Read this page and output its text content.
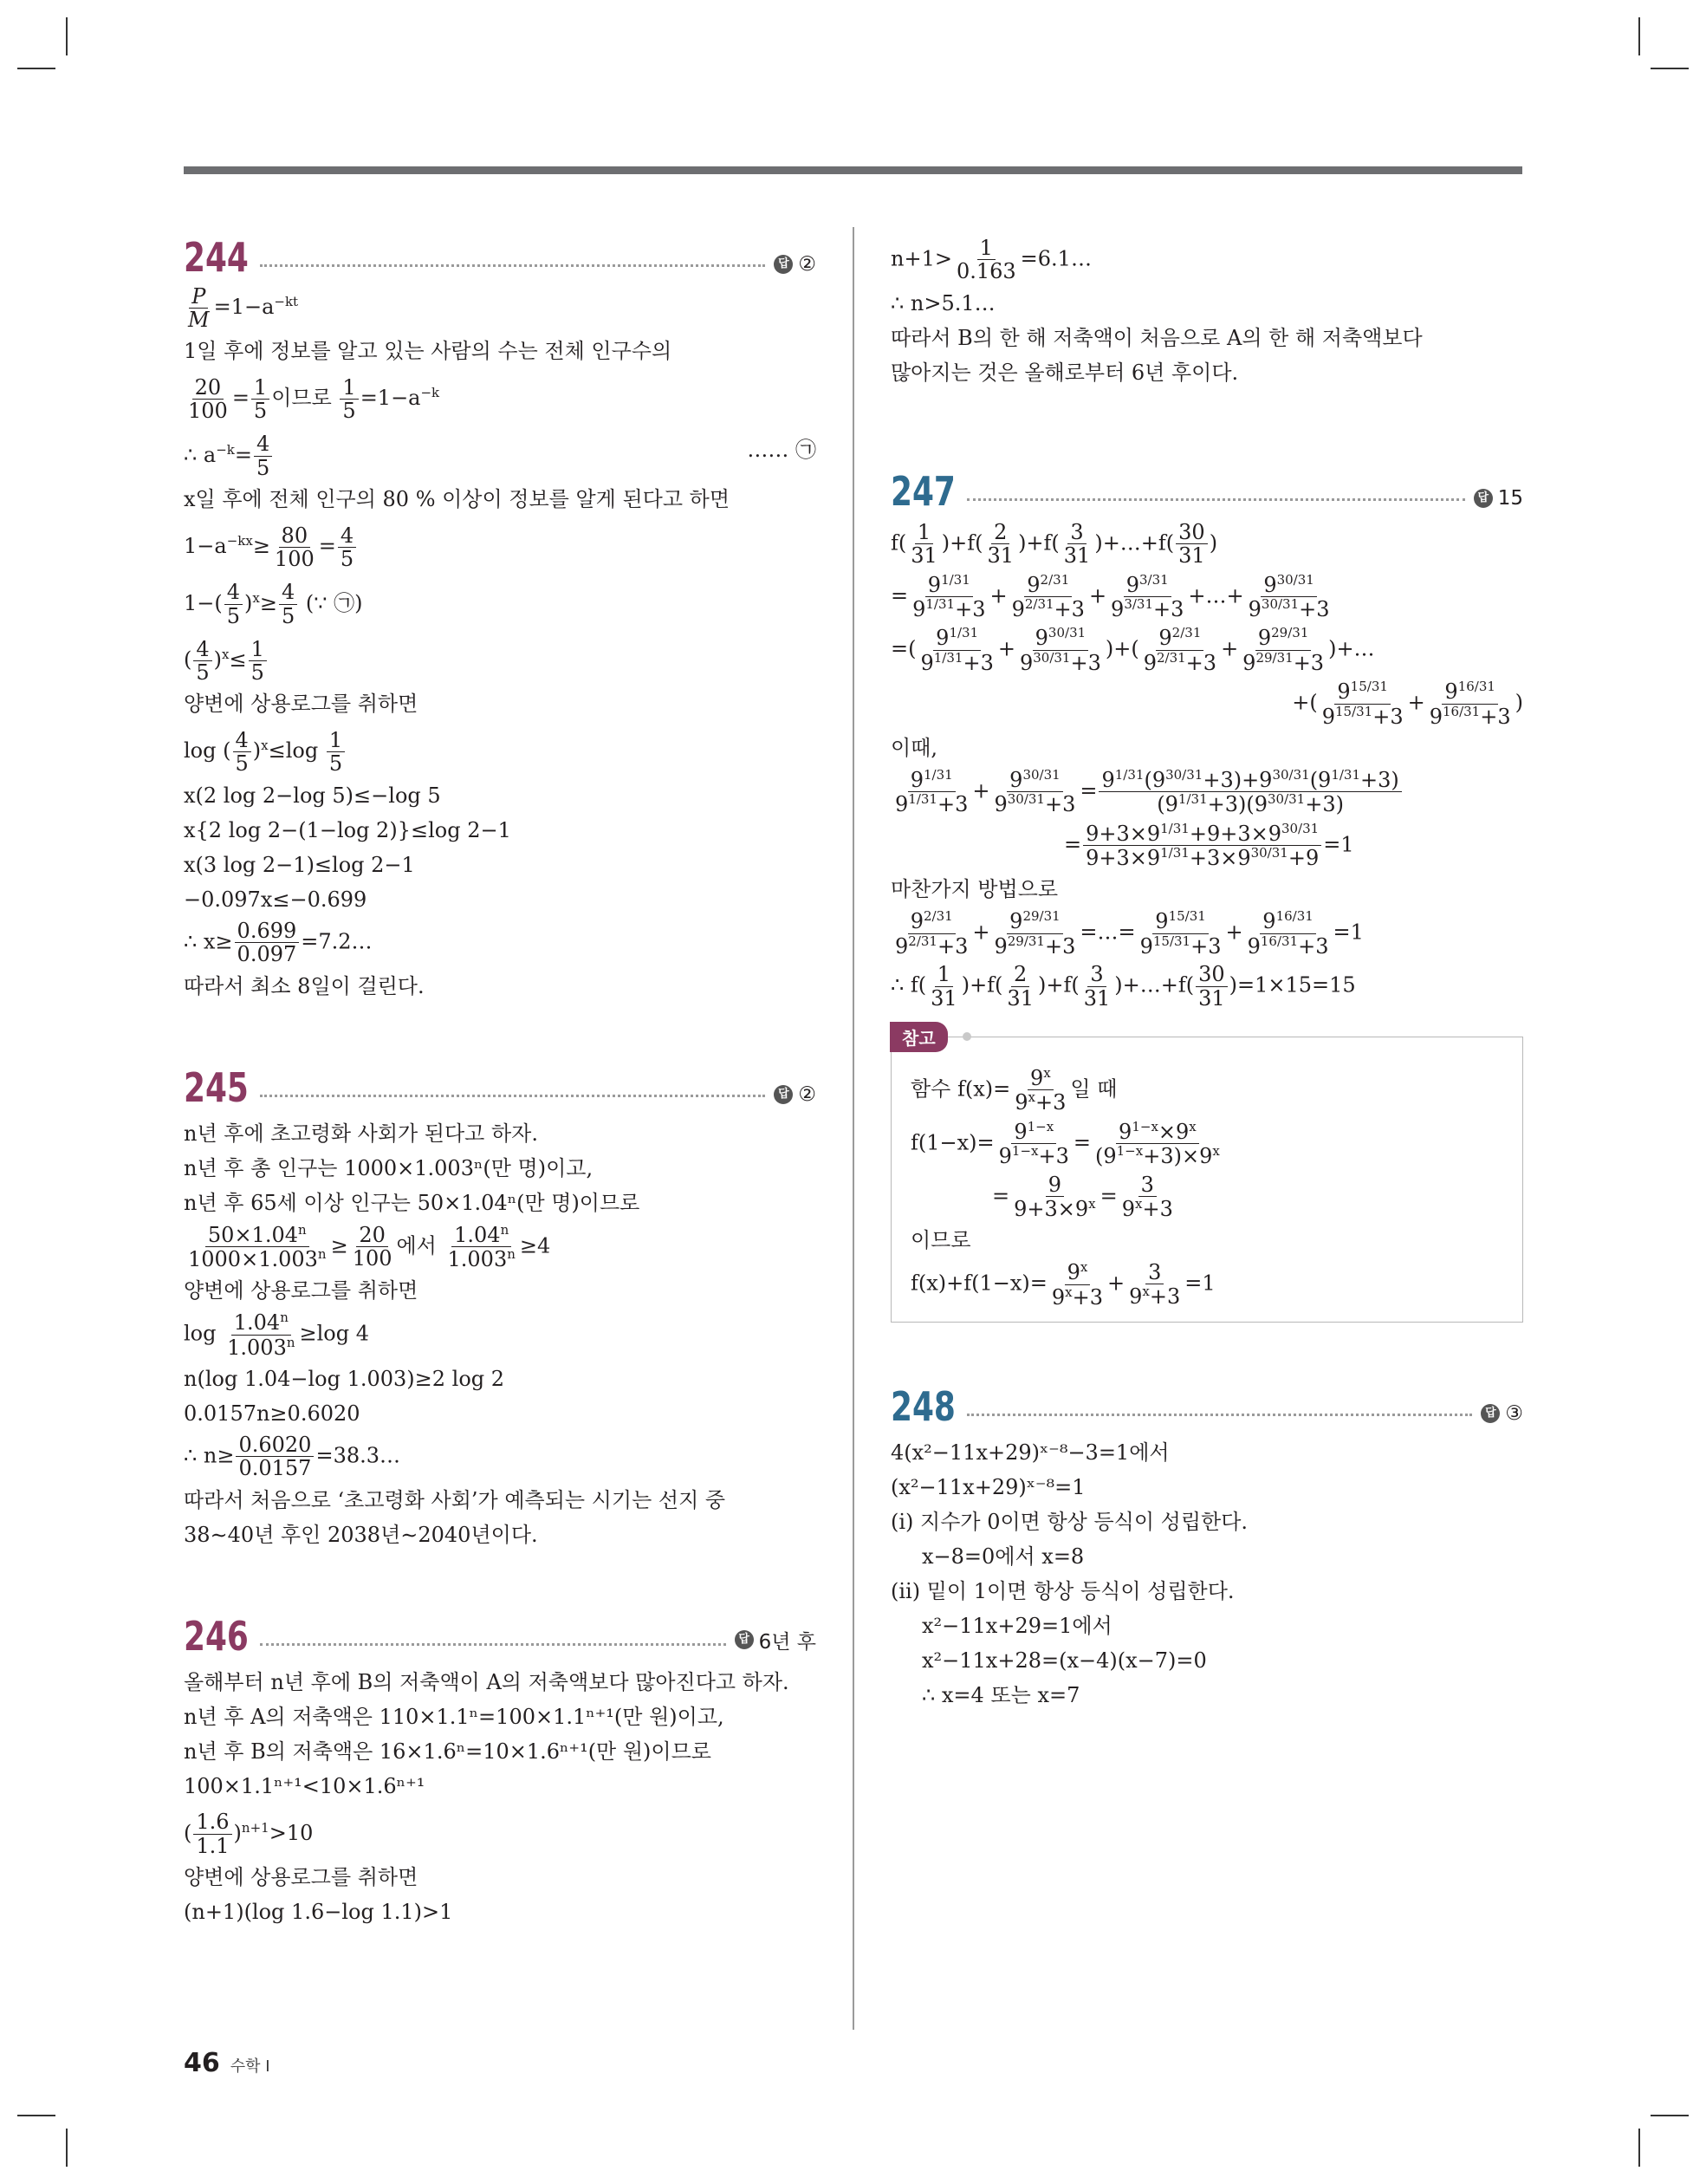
244	답 ②
$\frac{P}{M} =1-a^{-kt}$
1일 후에 정보를 알고 있는 사람의 수는 전체 인구수의
$\frac{20}{100} = \frac{1}{5}$ 이므로 $\frac{1}{5} =1-a^{-k}$
∴ $a^{-k}= \frac{4}{5}$	…… ㉠
x일 후에 전체 인구의 80 % 이상이 정보를 알게 된다고 하면
$1-a^{-kx}\ge \frac{80}{100} = \frac{4}{5}$
$1-( \frac{4}{5} )^x\ge \frac{4}{5}$ (∵ ㉠)
( $\frac{4}{5} )^x\le \frac{1}{5}$
양변에 상용로그를 취하면
log ( $\frac{4}{5} )^x\le\log \frac{1}{5}$
x(2 log 2−log 5)≤−log 5
x{2 log 2−(1−log 2)}≤log 2−1
x(3 log 2−1)≤log 2−1
−0.097x≤−0.699
∴ $x\ge \frac{0.699}{0.097}$ =7.2…
따라서 최소 8일이 걸린다.
245	답 ②
n년 후에 초고령화 사회가 된다고 하자.
n년 후 총 인구는 1000×1.003ⁿ(만 명)이고,
n년 후 65세 이상 인구는 50×1.04ⁿ(만 명)이므로
$\frac{50\times 1.04^n}{1000\times 1.003^n} \ge \frac{20}{100}$ 에서 $\frac{1.04^n}{1.003^n} \ge 4$
양변에 상용로그를 취하면
$\log \frac{1.04^n}{1.003^n} \ge\log$ 4
n(log 1.04−log 1.003)≥2 log 2
0.0157n≥0.6020
∴ $n\ge \frac{0.6020}{0.0157}$ =38.3…
따라서 처음으로 ‘초고령화 사회’가 예측되는 시기는 선지 중
38∼40년 후인 2038년∼2040년이다.
246	답 6년 후
올해부터 n년 후에 B의 저축액이 A의 저축액보다 많아진다고 하자.
n년 후 A의 저축액은 110×1.1ⁿ=100×1.1ⁿ⁺¹(만 원)이고,
n년 후 B의 저축액은 16×1.6ⁿ=10×1.6ⁿ⁺¹(만 원)이므로
100×1.1ⁿ⁺¹<10×1.6ⁿ⁺¹
( $\frac{1.6}{1.1} )^{n+1}>10$
양변에 상용로그를 취하면
(n+1)(log 1.6−log 1.1)>1
$n+1> \frac{1}{0.163}$ =6.1…
∴ n>5.1…
따라서 B의 한 해 저축액이 처음으로 A의 한 해 저축액보다
많아지는 것은 올해로부터 6년 후이다.
247	답 15
$f( \frac{1}{31} )+f( \frac{2}{31} )+f( \frac{3}{31}$ )+…+f( $\frac{30}{31}$ )
= $\frac{9^{1/31}}{9^{1/31}+3} + \frac{9^{2/31}}{9^{2/31}+3} + \frac{9^{3/31}}{9^{3/31}+3}$ +…+ $\frac{9^{30/31}}{9^{30/31}+3}$
=( $\frac{9^{1/31}}{9^{1/31}+3} + \frac{9^{30/31}}{9^{30/31}+3}$ )+( $\frac{9^{2/31}}{9^{2/31}+3} + \frac{9^{29/31}}{9^{29/31}+3}$ )+…
+( $\frac{9^{15/31}}{9^{15/31}+3} + \frac{9^{16/31}}{9^{16/31}+3}$ )
이때,
$\frac{9^{1/31}}{9^{1/31}+3} + \frac{9^{30/31}}{9^{30/31}+3} = \frac{9^{1/31}(9^{30/31}+3)+9^{30/31}(9^{1/31}+3)}{(9^{1/31}+3)(9^{30/31}+3)}$
= $\frac{9+3\times 9^{1/31}+9+3\times 9^{30/31}}{9+3\times 9^{1/31}+3\times 9^{30/31}+9} =1$
마찬가지 방법으로
$\frac{9^{2/31}}{9^{2/31}+3} + \frac{9^{29/31}}{9^{29/31}+3}$ =…= $\frac{9^{15/31}}{9^{15/31}+3} + \frac{9^{16/31}}{9^{16/31}+3} =1$
∴ $f( \frac{1}{31} )+f( \frac{2}{31} )+f( \frac{3}{31}$ )+…+f( $\frac{30}{31} )=1\times 15=15$
참고
함수 $f(x)= \frac{9^x}{9^x+3}$ 일 때
$f(1-x)= \frac{9^{1-x}}{9^{1-x}+3} = \frac{9^{1-x}\times 9^x}{(9^{1-x}+3)\times 9^x}$
= $\frac{9}{9+3\times 9^x} = \frac{3}{9^x+3}$
이므로
$f(x)+f(1-x)= \frac{9^x}{9^x+3} + \frac{3}{9^x+3} =1$
248	답 ③
4(x²−11x+29)ˣ⁻⁸−3=1에서
(x²−11x+29)ˣ⁻⁸=1
(ⅰ) 지수가 0이면 항상 등식이 성립한다.
x−8=0에서 x=8
(ⅱ) 밑이 1이면 항상 등식이 성립한다.
x²−11x+29=1에서
x²−11x+28=(x−4)(x−7)=0
∴ x=4 또는 x=7
46 수학 Ⅰ
